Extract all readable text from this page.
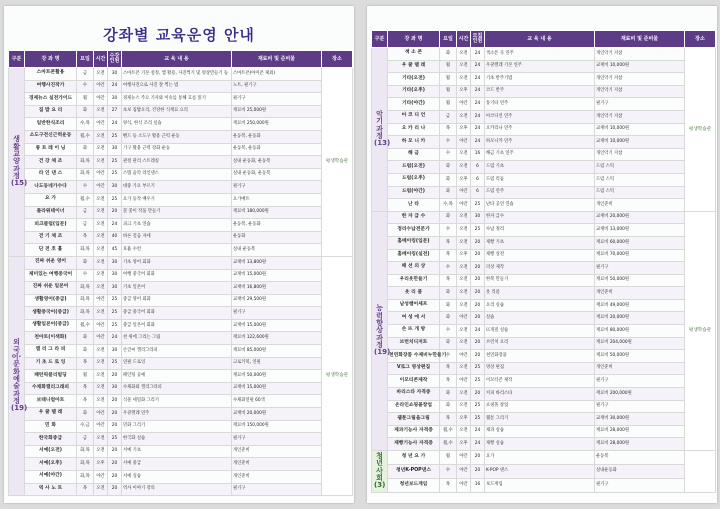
강좌별 교육운영 안내
구분	강 좌 명	요일	시간	수강인원	교 육 내 용	재료비 및 준비물	장소
생활교양과정 (15)	스마트폰활용	금	오전	30	스마트폰 기본 설정, 앱 활용, 사진찍기 및 영상만들기 등	스마트폰(아이폰 제외)	평생학습관
	여행사진작가	수	야간	24	여행사진으로 사진 잘 찍는 법	노트, 필기구	
	경제뉴스 실전가이드	월	야간	30	경제뉴스 주요 기사와 이슈를 통해 흐름 읽기	필기구	
	집 밥 요 리	화	오전	27	초보 집밥요리, 건강한 식재료 요리	재료비 25,000원	
	일반한식조리	수,목	야간	24	양식, 한식 조리 실습	재료비 250,000원	
	소도구전신근력운동	월,수	오전	25	밴드 등 소도구 활용 근력 운동	운동복, 운동화	
	통 트 레 이 닝	화	오전	30	기구 활용 근력 강화 운동	운동복, 운동화	
	건 강 체 조	화,목	오전	25	관절 관리 스트레칭	실내 운동화, 운동복	
	라 인 댄 스	화,목	야간	25	스텝 음악 라인댄스	실내 운동화, 운동복	
	나도동네가수다	수	야간	30	대중 가요 부르기	필기구	
	요 가	월,수	오전	25	요가 동작 배우기	요가매트	
	플라워테이너	금	오전	20	꽃 꽃이 작품 만들기	재료비 180,000원	
	피크클럽(입문)	금	오전	24	피크 기초 연습	운동복, 운동화	
	걷 기 체 조	목	오전	40	바른 걸음 자세	운동화	
	단 전 호 흡	화,목	오전	45	호흡 수련	실내 운동복	
외국어·문화예술과정 (19)	진짜 쉬운 영어	화	오전	30	기초 영어 회화	교재비 13,800원	평생학습관
	제미있는 여행중국어	수	오전	30	여행 중국어 회화	교재비 15,000원	
	진짜 쉬운 일본어	화,목	오전	30	기초 일본어	교재비 16,800원	
	생활영어(중급)	화,목	야간	25	중급 영어 회화	교재비 29,500원	
	생활중국어(중급)	화,목	오전	25	중급 중국어 회화	필기구	
	생활일본어(중급)	월,수	야간	25	중급 일본어 회화	교재비 15,000원	
	천아트(이색화)	화	야간	24	천 위에 그리는 그림	재료비 122,600원	
	캘 리 그 라 피	화	오전	30	손글씨 캘리그라피	재료비 85,000원	
	기 초 드 로 잉	목	오전	25	연필 드로잉	크로키북, 연필	
	패턴픽클리빌딩	월	오전	20	페인팅 공예	재료비 50,000원	
	수채화캘리그래피	목	오전	30	수채화와 캘리그라피	교재비 15,000원	
	보태니컬아트	목	오전	20	식물 세밀화 그리기	수채화연필 60색	
	우 쿨 렐 레	화	야간	20	우쿨렐레 연주	교재비 20,000원	
	민 화	수,금	야간	20	민화 그리기	재료비 150,000원	
	한국화중급	금	오전	25	한국화 실습	필기구	
	서예(오전)	화,목	오전	20	서예 기초	개인준비	
	서예(오후)	화,목	오후	20	서예 중급	개인준비	
	서예(야간)	화,목	야간	20	서예 실습	개인준비	
	역 사 노 트	목	오전	20	역사 이야기 강의	필기구	
구분	강 좌 명	요일	시간	모집인원	교 육 내 용	재료비 및 준비물	장소
악기과정 (13)	색 소 폰	화	오전	24	색소폰 곡 연주	개인악기 지참	평생학습관
	우 쿨 렐 레	월	오전	24	우쿨렐레 기본 연주	교재비 10,000원	
	기타(오전)	월	오전	24	기초 반주기법	개인악기 지참	
	기타(오후)	월	오후	24	코드 반주	개인악기 지참	
	기타(야간)	월	야간	24	통기타 연주	필기구	
	아 코 디 언	금	오전	24	아코디언 연주	개인악기 지참	
	오 카 리 나	목	오후	24	오카리나 연주	교재비 10,000원	
	하 모 니 카	수	야간	24	하모니카 연주	교재비 10,000원	
	해 금	수	오전	16	해금 기초 연주	개인악기 지참	
	드럼(오전)	화	오전	6	드럼 기초	드럼 스틱	
	드럼(오후)	화	오후	6	드럼 리듬	드럼 스틱	
	드럼(야간)	화	야간	6	드럼 연주	드럼 스틱	
	난 타	수,목	야간	25	난타 공연 연습	개인준비	
능력향상과정 (19)	한 자 급 수	화	오전	30	한자 급수	교재비 20,000원	평생학습관
	정리수납전문가	수	오전	25	수납 정리	교재비 13,000원	
	홈베이킹(입문)	목	오전	20	제빵 기초	재료비 60,000원	
	홈베이킹(실전)	목	오후	20	제빵 실전	재료비 70,000원	
	패 션 의 상	수	오전	20	의상 제작	필기구	
	우리옷만들기	목	오전	20	한복 만들기	재료비 50,000원	
	옷 리 폼	화	오전	20	옷 리폼	개인준비	
	남성쌤어셰프	화	오전	20	요리 실습	재료비 49,000원	
	여 성 에 서	화	야간	20	실습	재료비 20,000원	
	손 뜨 개 방	수	오전	24	뜨개질 실습	재료비 80,000원	
	브런치디저트	화	오전	20	브런치 요리	재료비 204,000원	
	천연화장품 수제비누만들기	수	야간	20	천연화장품	재료비 50,000원	
	V로그 영상편집	목	오전	25	영상 편집	개인준비	
	이모티콘제작	목	야간	25	이모티콘 제작	필기구	
	바리스타 자격증	화	오전	20	커피 바리스타	재료비 200,000원	
	온라인쇼핑몰창업	화	오전	25	쇼핑몰 창업	필기구	
	웹툰그림을그림	목	오후	25	웹툰 그리기	교재비 30,000원	
	제과기능사 자격증	월,수	오전	24	제과 실습	재료비 28,000원	
	제빵기능사 자격증	월,수	오후	24	제빵 실습	재료비 28,000원	
청년 사회 (3)	청 년 요 가	월	야간	20	요가	운동복	
	청년K-POP댄스	수	야간	20	K-POP 댄스	실내운동화	
	청년보드게임	목	야간	16	보드게임	필기구	
